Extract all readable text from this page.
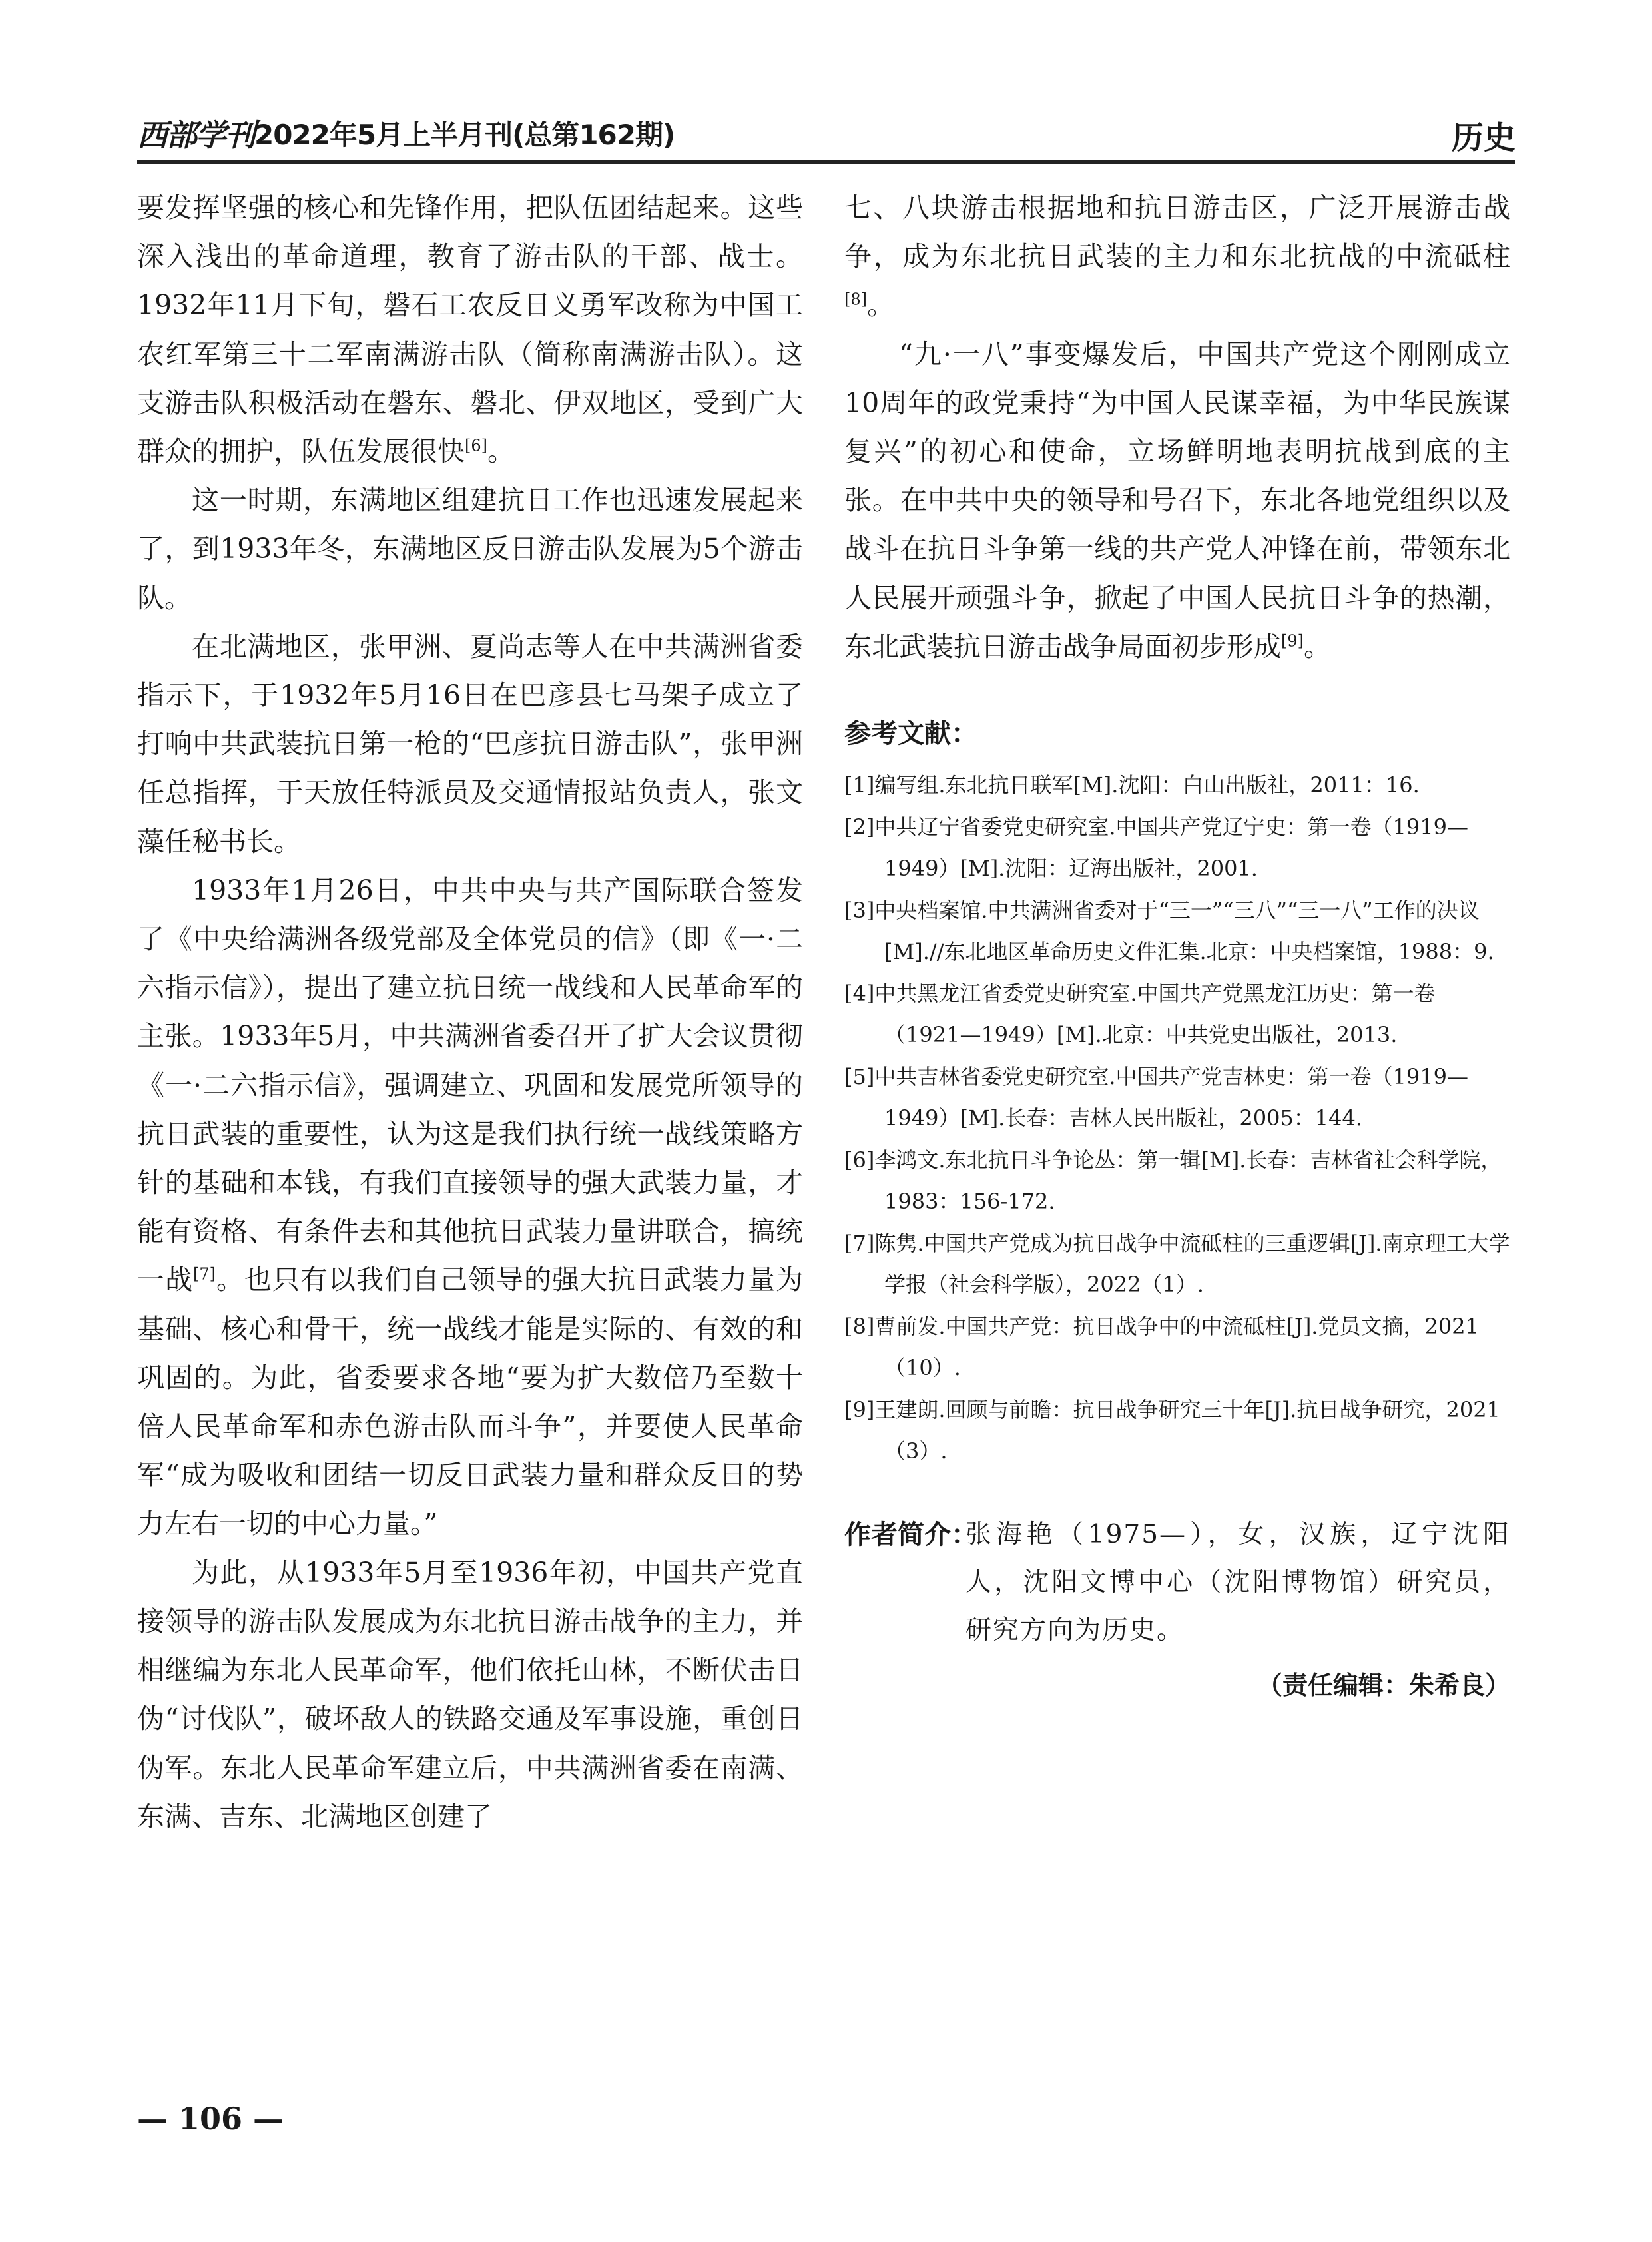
西部学刊 2022年5月上半月刊(总第162期)	历史

要发挥坚强的核心和先锋作用，把队伍团结起来。这些深入浅出的革命道理，教育了游击队的干部、战士。1932年11月下旬，磐石工农反日义勇军改称为中国工农红军第三十二军南满游击队（简称南满游击队）。这支游击队积极活动在磐东、磐北、伊双地区，受到广大群众的拥护，队伍发展很快[6]。

这一时期，东满地区组建抗日工作也迅速发展起来了，到1933年冬，东满地区反日游击队发展为5个游击队。

在北满地区，张甲洲、夏尚志等人在中共满洲省委指示下，于1932年5月16日在巴彦县七马架子成立了打响中共武装抗日第一枪的“巴彦抗日游击队”，张甲洲任总指挥，于天放任特派员及交通情报站负责人，张文藻任秘书长。

1933年1月26日，中共中央与共产国际联合签发了《中央给满洲各级党部及全体党员的信》（即《一·二六指示信》），提出了建立抗日统一战线和人民革命军的主张。1933年5月，中共满洲省委召开了扩大会议贯彻《一·二六指示信》，强调建立、巩固和发展党所领导的抗日武装的重要性，认为这是我们执行统一战线策略方针的基础和本钱，有我们直接领导的强大武装力量，才能有资格、有条件去和其他抗日武装力量讲联合，搞统一战[7]。也只有以我们自己领导的强大抗日武装力量为基础、核心和骨干，统一战线才能是实际的、有效的和巩固的。为此，省委要求各地“要为扩大数倍乃至数十倍人民革命军和赤色游击队而斗争”，并要使人民革命军“成为吸收和团结一切反日武装力量和群众反日的势力左右一切的中心力量。”

为此，从1933年5月至1936年初，中国共产党直接领导的游击队发展成为东北抗日游击战争的主力，并相继编为东北人民革命军，他们依托山林，不断伏击日伪“讨伐队”，破坏敌人的铁路交通及军事设施，重创日伪军。东北人民革命军建立后，中共满洲省委在南满、东满、吉东、北满地区创建了

七、八块游击根据地和抗日游击区，广泛开展游击战争，成为东北抗日武装的主力和东北抗战的中流砥柱[8]。

“九·一八”事变爆发后，中国共产党这个刚刚成立10周年的政党秉持“为中国人民谋幸福，为中华民族谋复兴”的初心和使命，立场鲜明地表明抗战到底的主张。在中共中央的领导和号召下，东北各地党组织以及战斗在抗日斗争第一线的共产党人冲锋在前，带领东北人民展开顽强斗争，掀起了中国人民抗日斗争的热潮，东北武装抗日游击战争局面初步形成[9]。

参考文献：

[1]编写组.东北抗日联军[M].沈阳：白山出版社，2011：16.

[2]中共辽宁省委党史研究室.中国共产党辽宁史：第一卷（1919—1949）[M].沈阳：辽海出版社，2001.

[3]中央档案馆.中共满洲省委对于“三一”“三八”“三一八”工作的决议[M].//东北地区革命历史文件汇集.北京：中央档案馆，1988：9.

[4]中共黑龙江省委党史研究室.中国共产党黑龙江历史：第一卷（1921—1949）[M].北京：中共党史出版社，2013.

[5]中共吉林省委党史研究室.中国共产党吉林史：第一卷（1919—1949）[M].长春：吉林人民出版社，2005：144.

[6]李鸿文.东北抗日斗争论丛：第一辑[M].长春：吉林省社会科学院，1983：156-172.

[7]陈隽.中国共产党成为抗日战争中流砥柱的三重逻辑[J].南京理工大学学报（社会科学版），2022（1）.

[8]曹前发.中国共产党：抗日战争中的中流砥柱[J].党员文摘，2021（10）.

[9]王建朗.回顾与前瞻：抗日战争研究三十年[J].抗日战争研究，2021（3）.

作者简介：
张海艳（1975—），女，汉族，辽宁沈阳人，沈阳文博中心（沈阳博物馆）研究员，研究方向为历史。
（责任编辑：朱希良）
— 106 —
